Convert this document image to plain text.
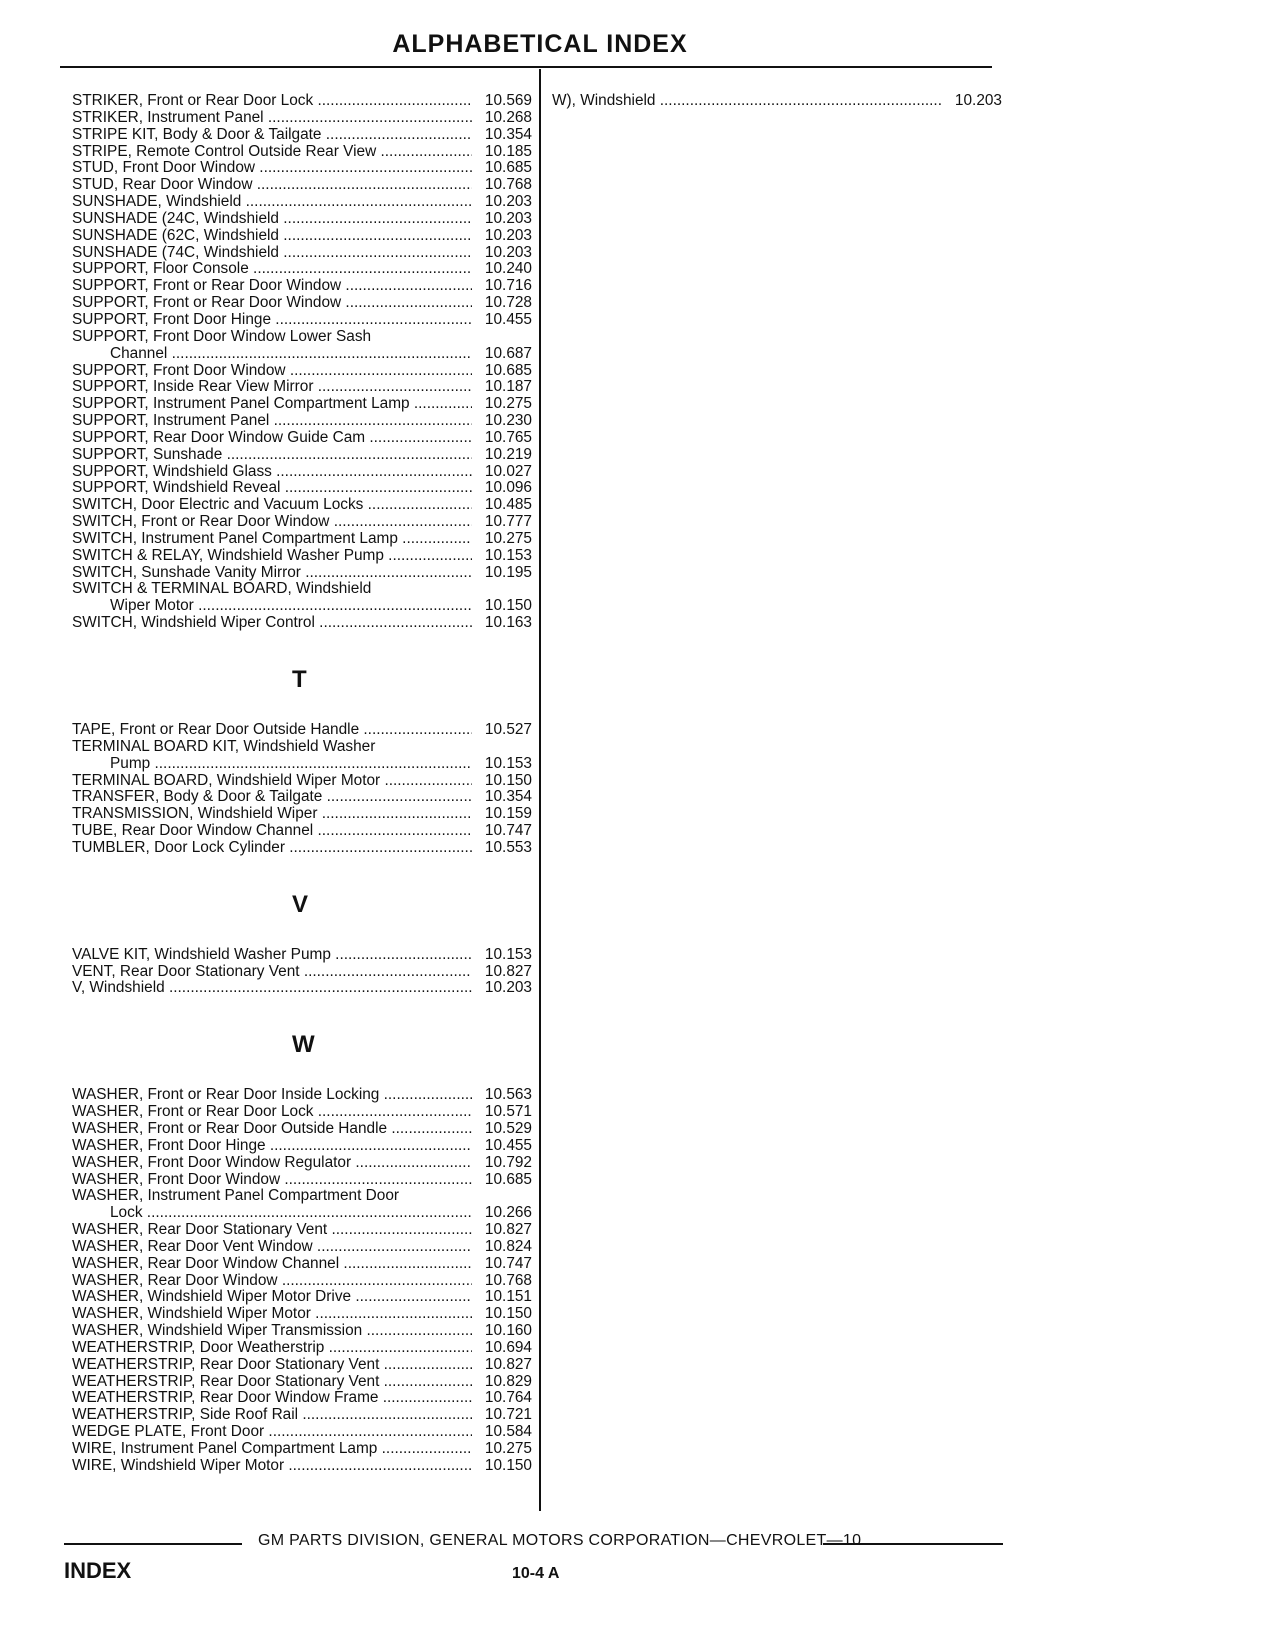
ALPHABETICAL INDEX
STRIKER, Front or Rear Door Lock .....	10.569
STRIKER, Instrument Panel .....	10.268
STRIPE KIT, Body & Door & Tailgate .....	10.354
STRIPE, Remote Control Outside Rear View .....	10.185
STUD, Front Door Window .....	10.685
STUD, Rear Door Window .....	10.768
SUNSHADE, Windshield .....	10.203
SUNSHADE (24C, Windshield .....	10.203
SUNSHADE (62C, Windshield .....	10.203
SUNSHADE (74C, Windshield .....	10.203
SUPPORT, Floor Console .....	10.240
SUPPORT, Front or Rear Door Window .....	10.716
SUPPORT, Front or Rear Door Window .....	10.728
SUPPORT, Front Door Hinge .....	10.455
SUPPORT, Front Door Window Lower Sash
Channel .....	10.687
SUPPORT, Front Door Window .....	10.685
SUPPORT, Inside Rear View Mirror .....	10.187
SUPPORT, Instrument Panel Compartment Lamp .....	10.275
SUPPORT, Instrument Panel .....	10.230
SUPPORT, Rear Door Window Guide Cam .....	10.765
SUPPORT, Sunshade .....	10.219
SUPPORT, Windshield Glass .....	10.027
SUPPORT, Windshield Reveal .....	10.096
SWITCH, Door Electric and Vacuum Locks .....	10.485
SWITCH, Front or Rear Door Window .....	10.777
SWITCH, Instrument Panel Compartment Lamp .....	10.275
SWITCH & RELAY, Windshield Washer Pump .....	10.153
SWITCH, Sunshade Vanity Mirror .....	10.195
SWITCH & TERMINAL BOARD, Windshield
Wiper Motor .....	10.150
SWITCH, Windshield Wiper Control .....	10.163
T
TAPE, Front or Rear Door Outside Handle .....	10.527
TERMINAL BOARD KIT, Windshield Washer
Pump .....	10.153
TERMINAL BOARD, Windshield Wiper Motor .....	10.150
TRANSFER, Body & Door & Tailgate .....	10.354
TRANSMISSION, Windshield Wiper .....	10.159
TUBE, Rear Door Window Channel .....	10.747
TUMBLER, Door Lock Cylinder .....	10.553
V
VALVE KIT, Windshield Washer Pump .....	10.153
VENT, Rear Door Stationary Vent .....	10.827
V, Windshield .....	10.203
W
WASHER, Front or Rear Door Inside Locking .....	10.563
WASHER, Front or Rear Door Lock .....	10.571
WASHER, Front or Rear Door Outside Handle .....	10.529
WASHER, Front Door Hinge .....	10.455
WASHER, Front Door Window Regulator .....	10.792
WASHER, Front Door Window .....	10.685
WASHER, Instrument Panel Compartment Door
Lock .....	10.266
WASHER, Rear Door Stationary Vent .....	10.827
WASHER, Rear Door Vent Window .....	10.824
WASHER, Rear Door Window Channel .....	10.747
WASHER, Rear Door Window .....	10.768
WASHER, Windshield Wiper Motor Drive .....	10.151
WASHER, Windshield Wiper Motor .....	10.150
WASHER, Windshield Wiper Transmission .....	10.160
WEATHERSTRIP, Door Weatherstrip .....	10.694
WEATHERSTRIP, Rear Door Stationary Vent .....	10.827
WEATHERSTRIP, Rear Door Stationary Vent .....	10.829
WEATHERSTRIP, Rear Door Window Frame .....	10.764
WEATHERSTRIP, Side Roof Rail .....	10.721
WEDGE PLATE, Front Door .....	10.584
WIRE, Instrument Panel Compartment Lamp .....	10.275
WIRE, Windshield Wiper Motor .....	10.150
W), Windshield .....	10.203
GM PARTS DIVISION, GENERAL MOTORS CORPORATION—CHEVROLET—10
INDEX	10-4 A
